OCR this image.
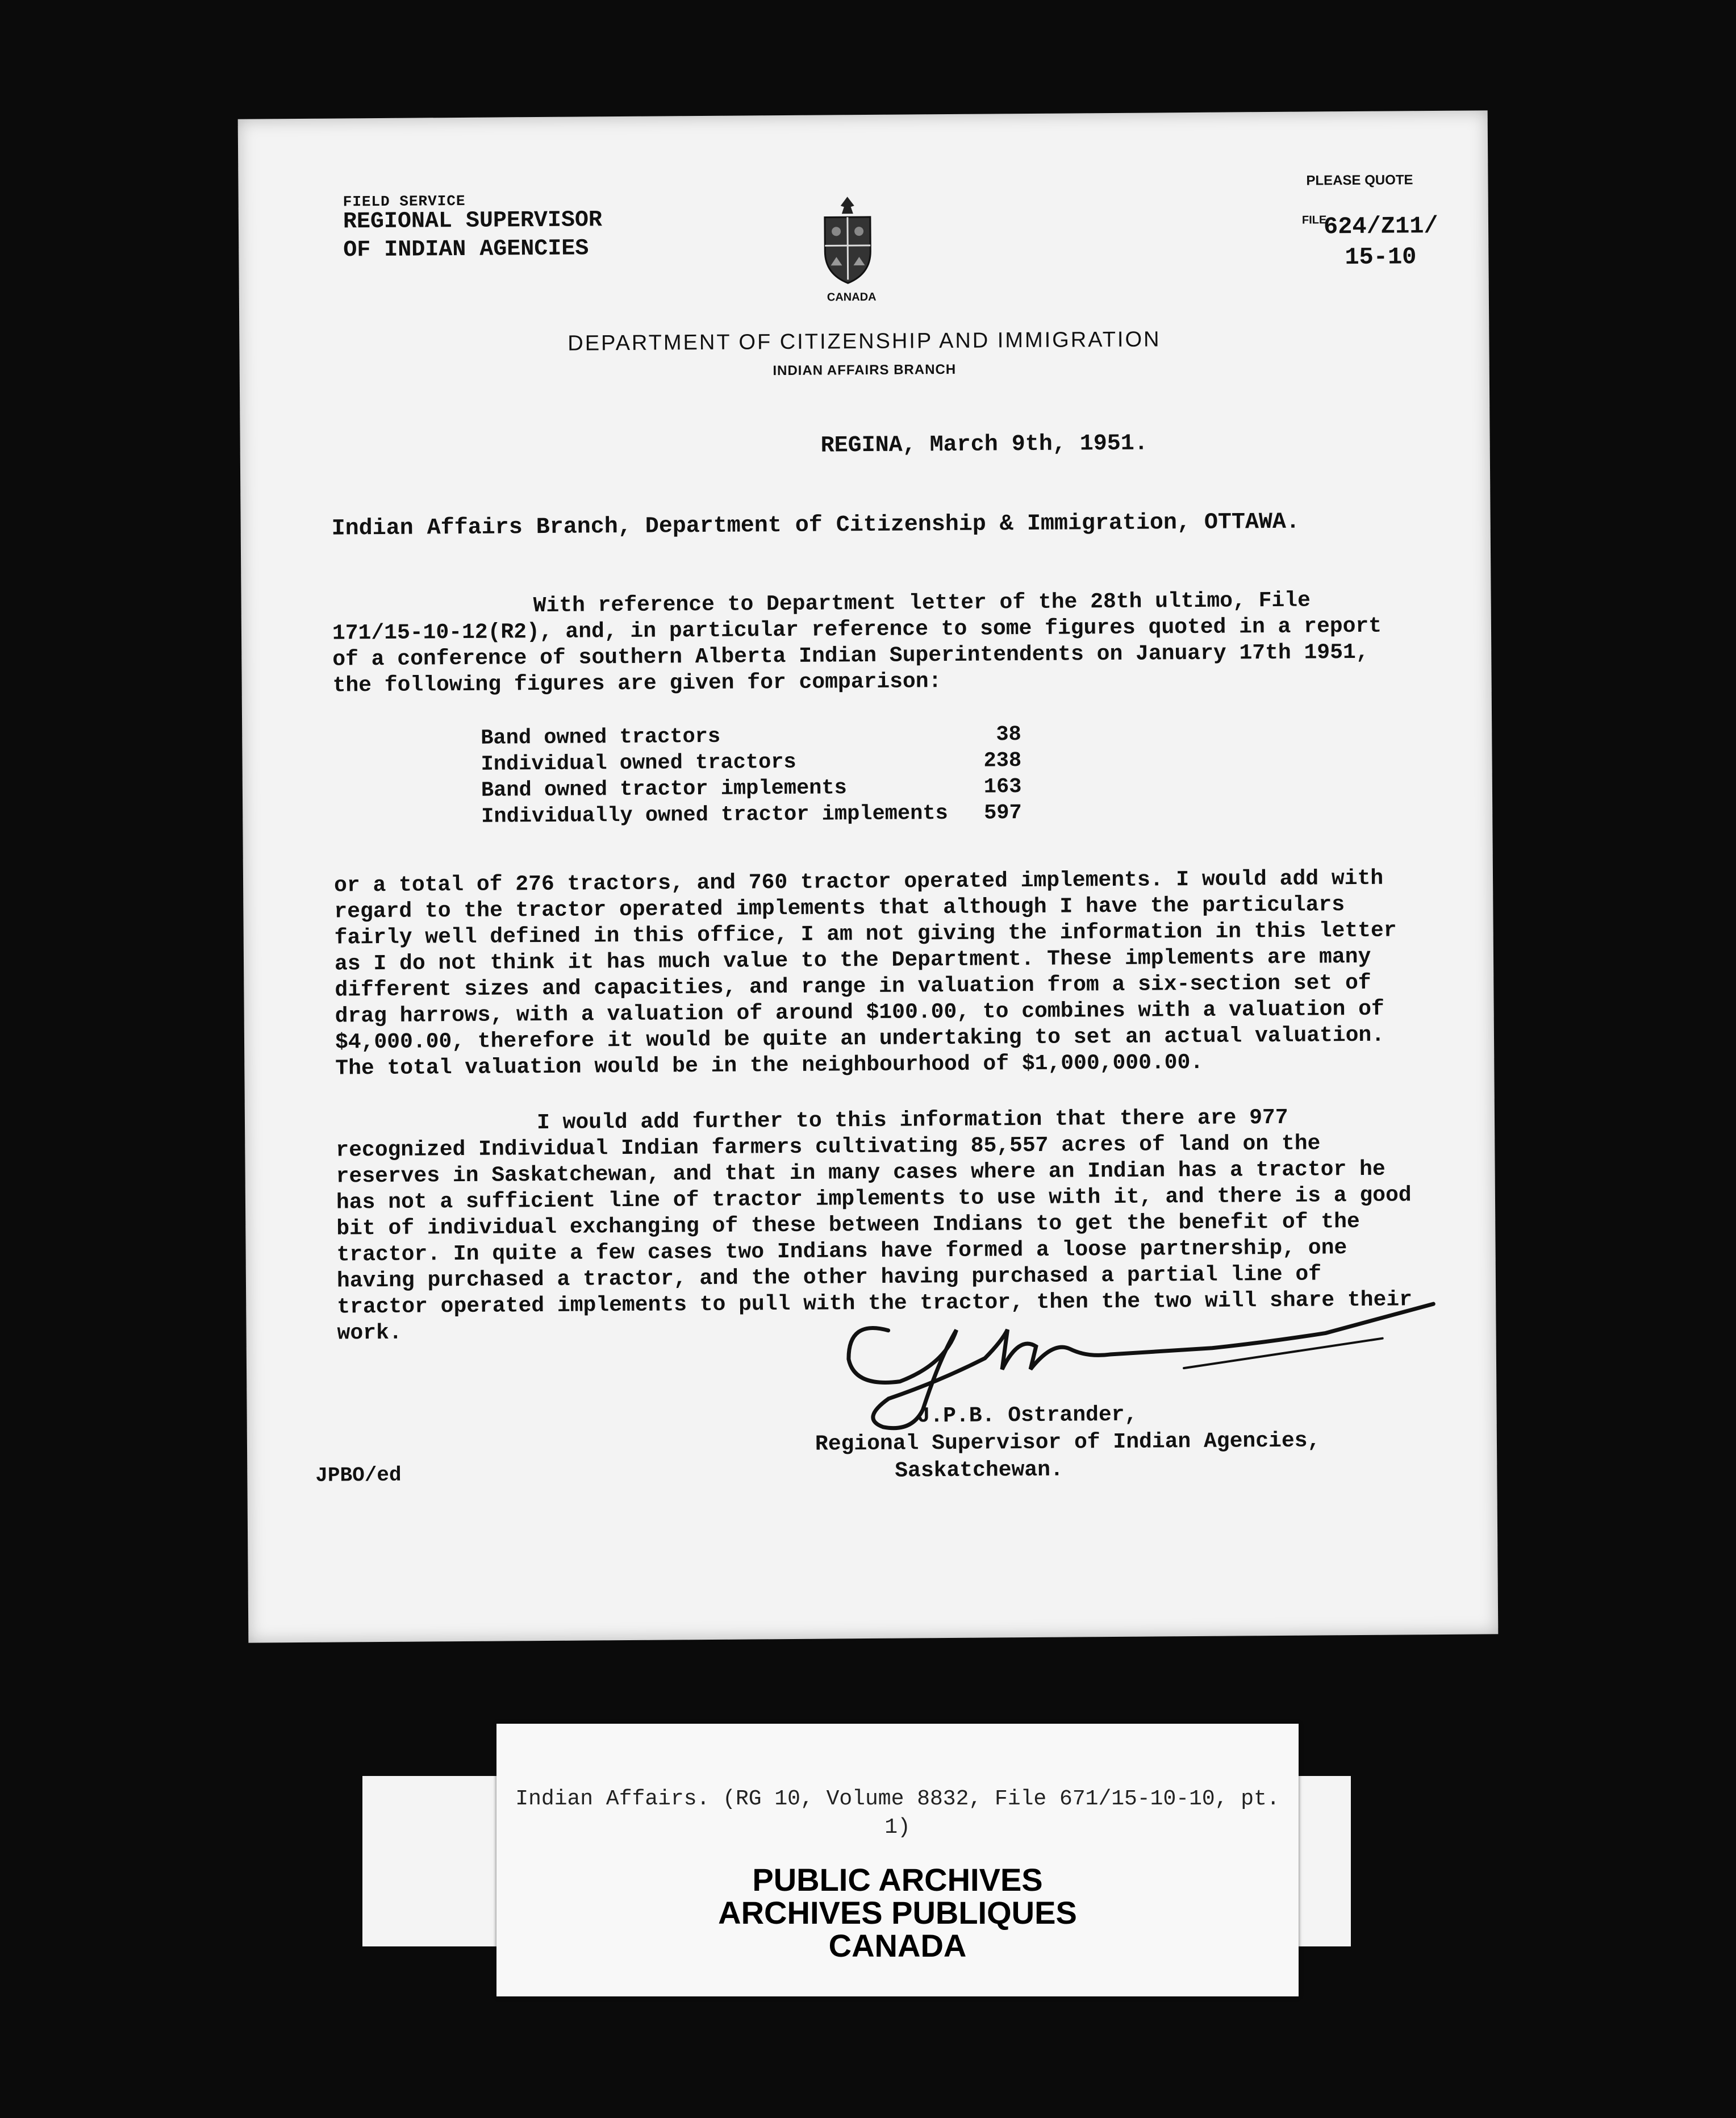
FIELD SERVICE
REGIONAL SUPERVISOR
OF INDIAN AGENCIES
CANADA
PLEASE QUOTE
FILE
624/Z11/ 15-10
DEPARTMENT OF CITIZENSHIP AND IMMIGRATION
INDIAN AFFAIRS BRANCH
REGINA, March 9th, 1951.
Indian Affairs Branch, Department of Citizenship & Immigration, OTTAWA.
With reference to Department letter of the 28th ultimo, File 171/15-10-12(R2), and, in particular reference to some figures quoted in a report of a conference of southern Alberta Indian Superintendents on January 17th 1951, the following figures are given for comparison:
Band owned tractors	38
Individual owned tractors	238
Band owned tractor implements	163
Individually owned tractor implements	597
or a total of 276 tractors, and 760 tractor operated implements. I would add with regard to the tractor operated implements that although I have the particulars fairly well defined in this office, I am not giving the information in this letter as I do not think it has much value to the Department. These implements are many different sizes and capacities, and range in valuation from a six-section set of drag harrows, with a valuation of around $100.00, to combines with a valuation of $4,000.00, therefore it would be quite an undertaking to set an actual valuation. The total valuation would be in the neighbourhood of $1,000,000.00.
I would add further to this information that there are 977 recognized Individual Indian farmers cultivating 85,557 acres of land on the reserves in Saskatchewan, and that in many cases where an Indian has a tractor he has not a sufficient line of tractor implements to use with it, and there is a good bit of individual exchanging of these between Indians to get the benefit of the tractor. In quite a few cases two Indians have formed a loose partnership, one having purchased a tractor, and the other having purchased a partial line of tractor operated implements to pull with the tractor, then the two will share their work.
J.P.B. Ostrander,
Regional Supervisor of Indian Agencies,
Saskatchewan.
JPBO/ed
Indian Affairs. (RG 10, Volume 8832, File 671/15-10-10, pt. 1)
PUBLIC ARCHIVES
ARCHIVES PUBLIQUES
CANADA
